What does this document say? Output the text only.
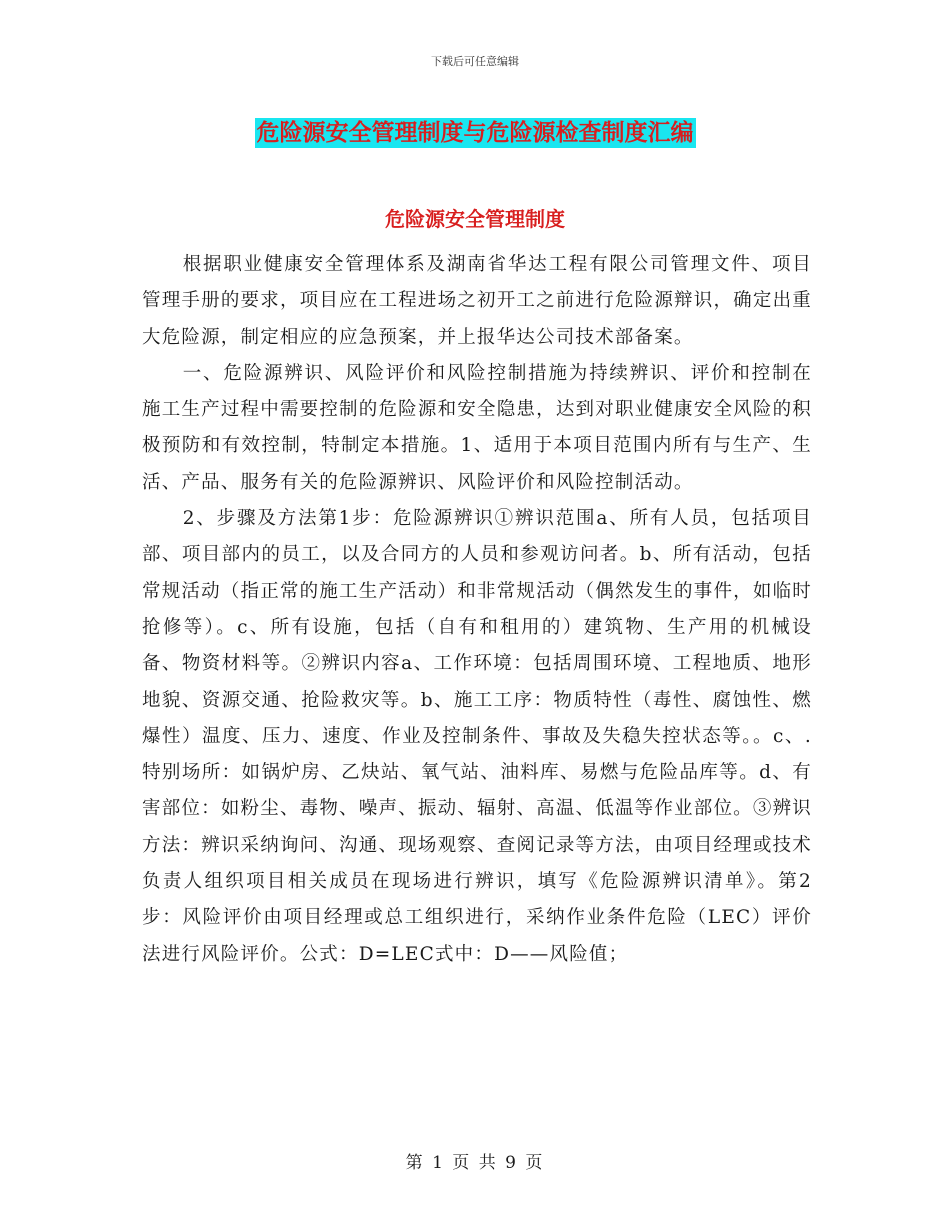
下载后可任意编辑
危险源安全管理制度与危险源检查制度汇编
危险源安全管理制度

根据职业健康安全管理体系及湖南省华达工程有限公司管理文件、项目管理手册的要求，项目应在工程进场之初开工之前进行危险源辩识，确定出重大危险源，制定相应的应急预案，并上报华达公司技术部备案。

一、危险源辨识、风险评价和风险控制措施为持续辨识、评价和控制在施工生产过程中需要控制的危险源和安全隐患，达到对职业健康安全风险的积极预防和有效控制，特制定本措施。1、适用于本项目范围内所有与生产、生活、产品、服务有关的危险源辨识、风险评价和风险控制活动。

2、步骤及方法第1步：危险源辨识①辨识范围a、所有人员，包括项目部、项目部内的员工，以及合同方的人员和参观访问者。b、所有活动，包括常规活动（指正常的施工生产活动）和非常规活动（偶然发生的事件，如临时抢修等）。c、所有设施，包括（自有和租用的）建筑物、生产用的机械设备、物资材料等。②辨识内容a、工作环境：包括周围环境、工程地质、地形地貌、资源交通、抢险救灾等。b、施工工序：物质特性（毒性、腐蚀性、燃爆性）温度、压力、速度、作业及控制条件、事故及失稳失控状态等。。c、.特别场所：如锅炉房、乙炔站、氧气站、油料库、易燃与危险品库等。d、有害部位：如粉尘、毒物、噪声、振动、辐射、高温、低温等作业部位。③辨识方法：辨识采纳询问、沟通、现场观察、查阅记录等方法，由项目经理或技术负责人组织项目相关成员在现场进行辨识，填写《危险源辨识清单》。第2步：风险评价由项目经理或总工组织进行，采纳作业条件危险（LEC）评价法进行风险评价。公式：D=LEC式中：D——风险值；

第 1 页 共 9 页
